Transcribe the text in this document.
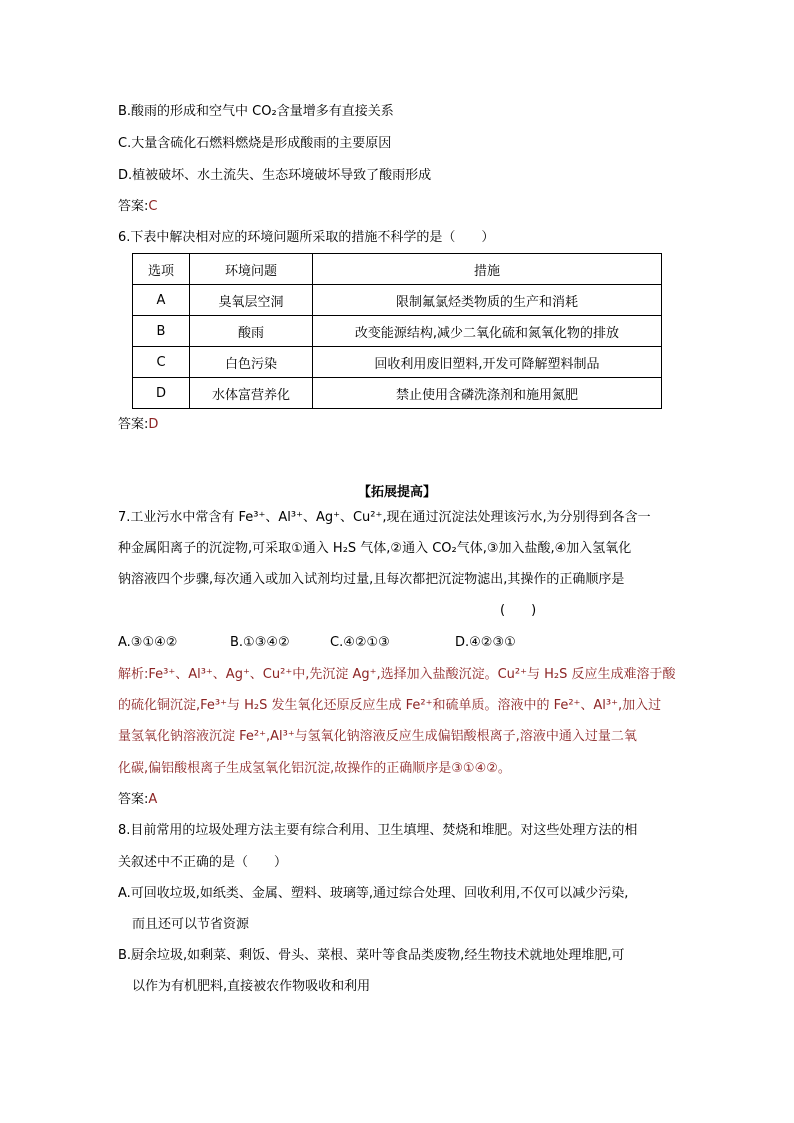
B.酸雨的形成和空气中 CO₂含量增多有直接关系
C.大量含硫化石燃料燃烧是形成酸雨的主要原因
D.植被破坏、水土流失、生态环境破坏导致了酸雨形成
答案:C
6.下表中解决相对应的环境问题所采取的措施不科学的是（　　）
选项	环境问题	措施
A	臭氧层空洞	限制氟氯烃类物质的生产和消耗
B	酸雨	改变能源结构,减少二氧化硫和氮氧化物的排放
C	白色污染	回收利用废旧塑料,开发可降解塑料制品
D	水体富营养化	禁止使用含磷洗涤剂和施用氮肥
答案:D
【拓展提高】
7.工业污水中常含有 Fe³⁺、Al³⁺、Ag⁺、Cu²⁺,现在通过沉淀法处理该污水,为分别得到各含一
种金属阳离子的沉淀物,可采取①通入 H₂S 气体,②通入 CO₂气体,③加入盐酸,④加入氢氧化
钠溶液四个步骤,每次通入或加入试剂均过量,且每次都把沉淀物滤出,其操作的正确顺序是
(　　)
A.③①④②	B.①③④②	C.④②①③	D.④②③①
解析:Fe³⁺、Al³⁺、Ag⁺、Cu²⁺中,先沉淀 Ag⁺,选择加入盐酸沉淀。Cu²⁺与 H₂S 反应生成难溶于酸
的硫化铜沉淀,Fe³⁺与 H₂S 发生氧化还原反应生成 Fe²⁺和硫单质。溶液中的 Fe²⁺、Al³⁺,加入过
量氢氧化钠溶液沉淀 Fe²⁺,Al³⁺与氢氧化钠溶液反应生成偏铝酸根离子,溶液中通入过量二氧
化碳,偏铝酸根离子生成氢氧化铝沉淀,故操作的正确顺序是③①④②。
答案:A
8.目前常用的垃圾处理方法主要有综合利用、卫生填埋、焚烧和堆肥。对这些处理方法的相
关叙述中不正确的是（　　）
A.可回收垃圾,如纸类、金属、塑料、玻璃等,通过综合处理、回收利用,不仅可以减少污染,
而且还可以节省资源
B.厨余垃圾,如剩菜、剩饭、骨头、菜根、菜叶等食品类废物,经生物技术就地处理堆肥,可
以作为有机肥料,直接被农作物吸收和利用
